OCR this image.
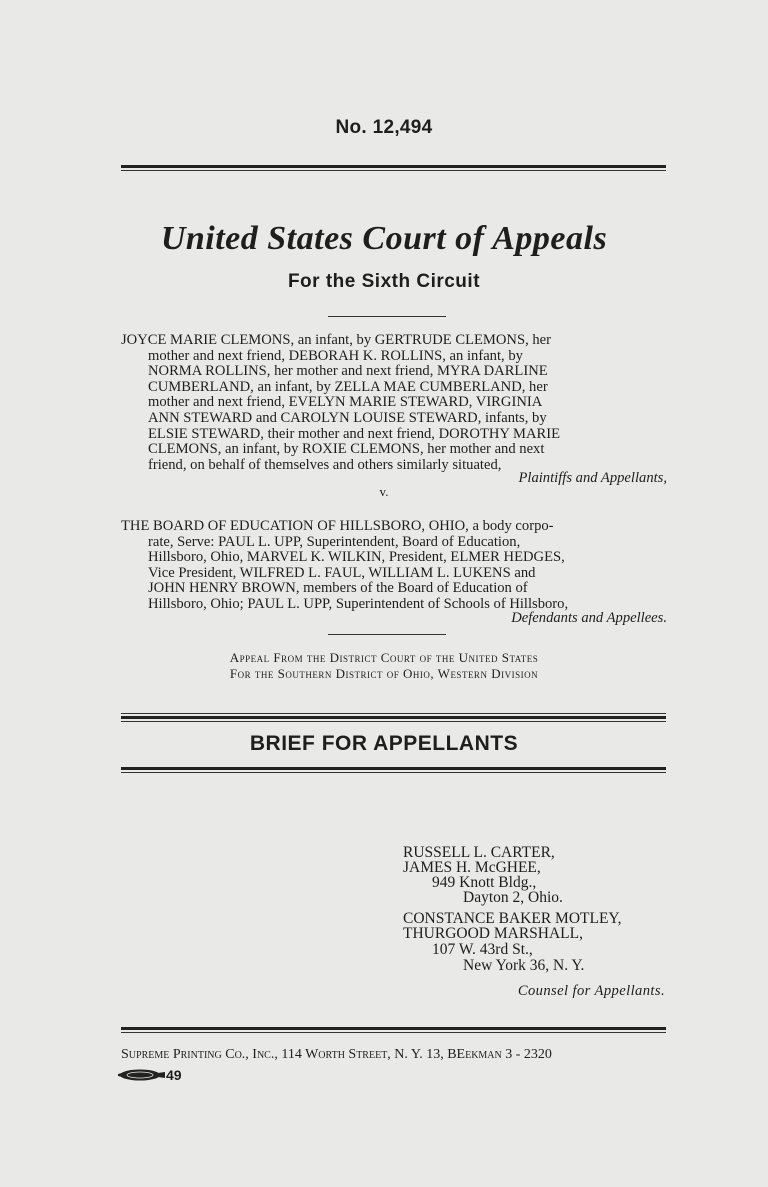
No. 12,494
United States Court of Appeals
For the Sixth Circuit
JOYCE MARIE CLEMONS, an infant, by GERTRUDE CLEMONS, her
mother and next friend, DEBORAH K. ROLLINS, an infant, by
NORMA ROLLINS, her mother and next friend, MYRA DARLINE
CUMBERLAND, an infant, by ZELLA MAE CUMBERLAND, her
mother and next friend, EVELYN MARIE STEWARD, VIRGINIA
ANN STEWARD and CAROLYN LOUISE STEWARD, infants, by
ELSIE STEWARD, their mother and next friend, DOROTHY MARIE
CLEMONS, an infant, by ROXIE CLEMONS, her mother and next
friend, on behalf of themselves and others similarly situated,
Plaintiffs and Appellants,
v.
THE BOARD OF EDUCATION OF HILLSBORO, OHIO, a body corpo-
rate, Serve: PAUL L. UPP, Superintendent, Board of Education,
Hillsboro, Ohio, MARVEL K. WILKIN, President, ELMER HEDGES,
Vice President, WILFRED L. FAUL, WILLIAM L. LUKENS and
JOHN HENRY BROWN, members of the Board of Education of
Hillsboro, Ohio; PAUL L. UPP, Superintendent of Schools of Hillsboro,
Defendants and Appellees.
Appeal From the District Court of the United States
For the Southern District of Ohio, Western Division
BRIEF FOR APPELLANTS
RUSSELL L. CARTER,
JAMES H. McGHEE,
949 Knott Bldg.,
Dayton 2, Ohio.
CONSTANCE BAKER MOTLEY,
THURGOOD MARSHALL,
107 W. 43rd St.,
New York 36, N. Y.
Counsel for Appellants.
Supreme Printing Co., Inc., 114 Worth Street, N. Y. 13, BEekman 3 - 2320
49
